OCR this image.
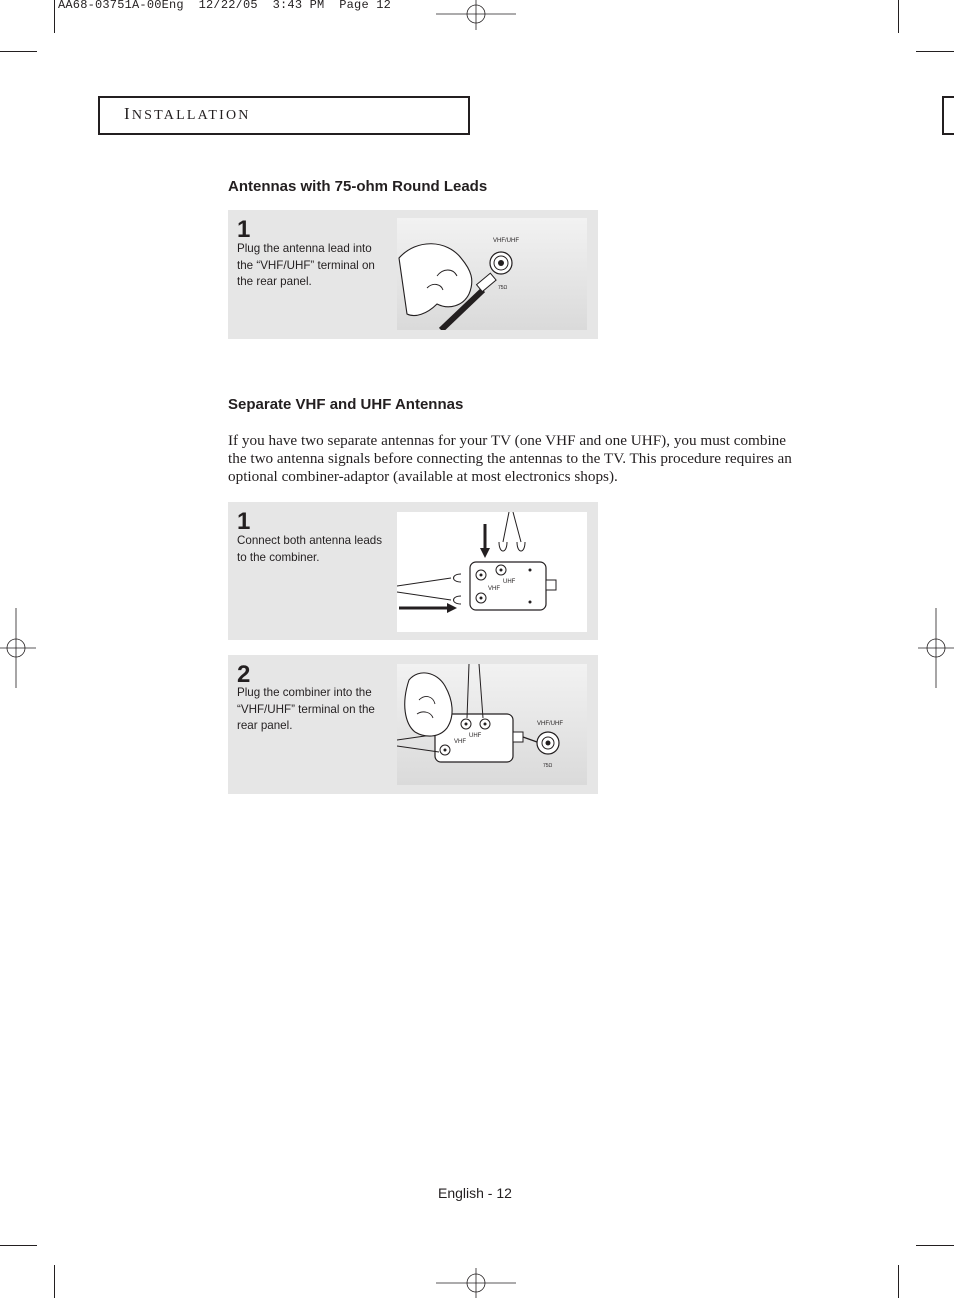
AA68-03751A-00Eng  12/22/05  3:43 PM  Page 12
INSTALLATION
Antennas with 75-ohm Round Leads
1
Plug the antenna lead into the “VHF/UHF” terminal on the rear panel.
VHF/UHF
75Ω
Separate VHF and UHF Antennas
If you have two separate antennas for your TV (one VHF and one UHF), you must combine the two antenna signals before connecting the antennas to the TV. This procedure requires an optional combiner-adaptor (available at most electronics shops).
1
Connect both antenna leads to the combiner.
UHF
VHF
2
Plug the combiner into the “VHF/UHF” terminal on the rear panel.
VHF
UHF
VHF/UHF
75Ω
English - 12
